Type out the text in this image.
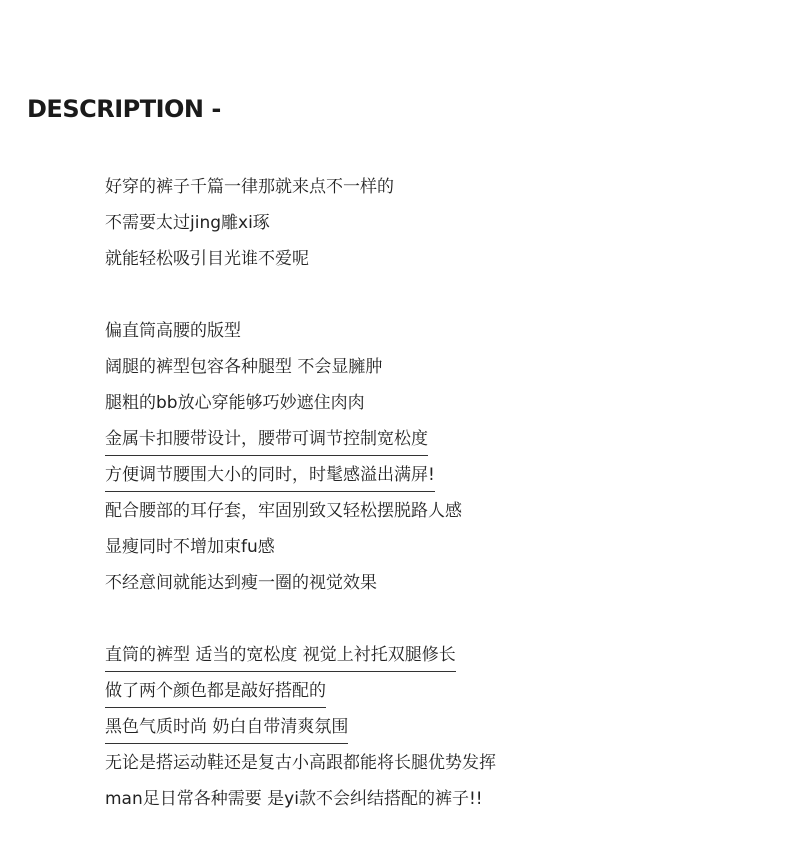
DESCRIPTION -
好穿的裤子千篇一律那就来点不一样的
不需要太过jing雕xi琢
就能轻松吸引目光谁不爱呢
偏直筒高腰的版型
阔腿的裤型包容各种腿型 不会显臃肿
腿粗的bb放心穿能够巧妙遮住肉肉
金属卡扣腰带设计，腰带可调节控制宽松度
方便调节腰围大小的同时，时髦感溢出满屏!
配合腰部的耳仔套，牢固别致又轻松摆脱路人感
显瘦同时不增加束fu感
不经意间就能达到瘦一圈的视觉效果
直筒的裤型 适当的宽松度 视觉上衬托双腿修长
做了两个颜色都是敲好搭配的
黑色气质时尚 奶白自带清爽氛围
无论是搭运动鞋还是复古小高跟都能将长腿优势发挥
man足日常各种需要 是yi款不会纠结搭配的裤子!!
